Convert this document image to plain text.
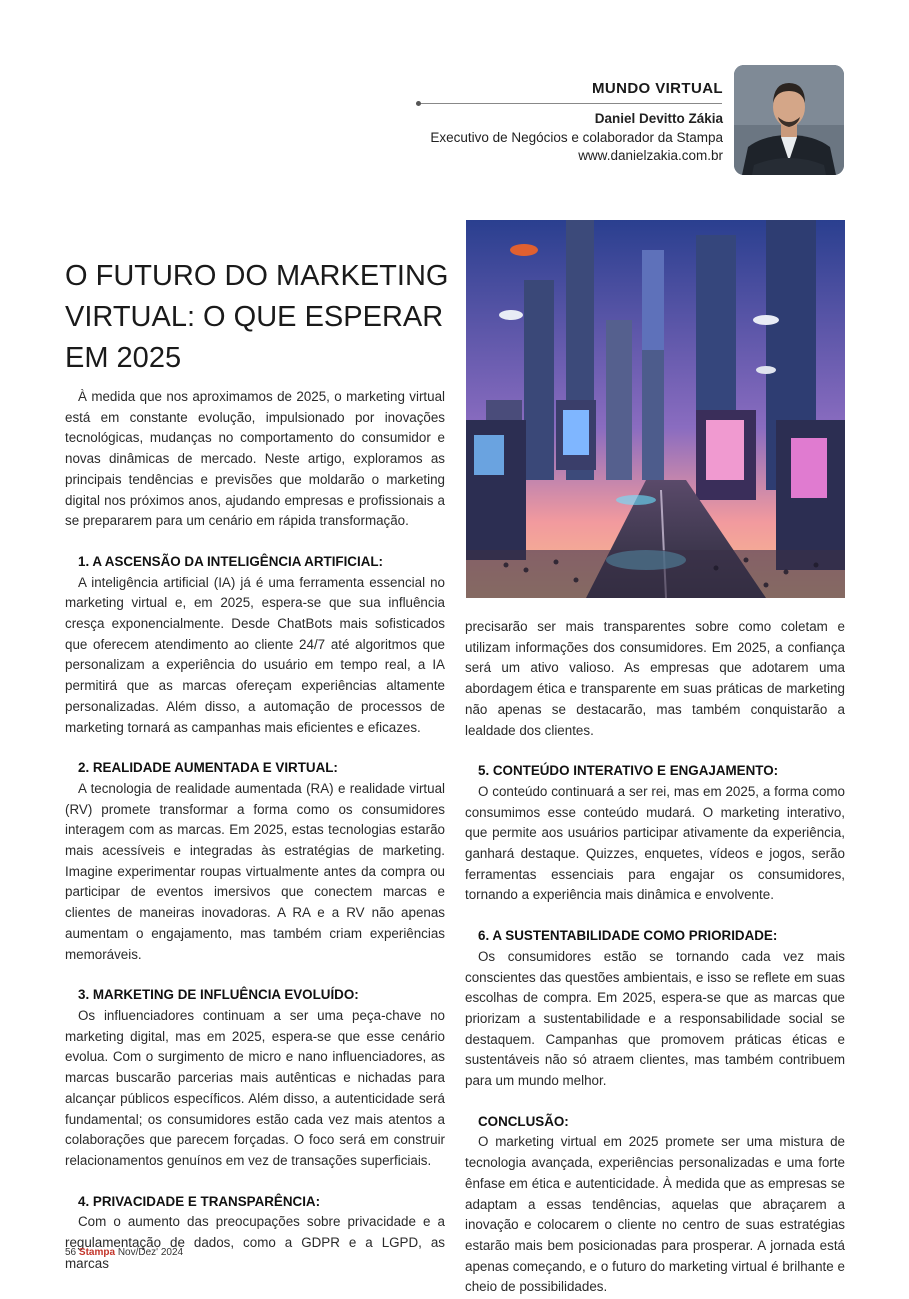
MUNDO VIRTUAL
Daniel Devitto Zákia
Executivo de Negócios e colaborador da Stampa
www.danielzakia.com.br
O FUTURO DO MARKETING VIRTUAL: O QUE ESPERAR EM 2025

À medida que nos aproximamos de 2025, o marketing virtual está em constante evolução, impulsionado por inovações tecnológicas, mudanças no comportamento do consumidor e novas dinâmicas de mercado. Neste artigo, exploramos as principais tendências e previsões que moldarão o marketing digital nos próximos anos, ajudando empresas e profissionais a se prepararem para um cenário em rápida transformação.

1. A ASCENSÃO DA INTELIGÊNCIA ARTIFICIAL:

A inteligência artificial (IA) já é uma ferramenta essencial no marketing virtual e, em 2025, espera-se que sua influência cresça exponencialmente. Desde ChatBots mais sofisticados que oferecem atendimento ao cliente 24/7 até algoritmos que personalizam a experiência do usuário em tempo real, a IA permitirá que as marcas ofereçam experiências altamente personalizadas. Além disso, a automação de processos de marketing tornará as campanhas mais eficientes e eficazes.

2. REALIDADE AUMENTADA E VIRTUAL:

A tecnologia de realidade aumentada (RA) e realidade virtual (RV) promete transformar a forma como os consumidores interagem com as marcas. Em 2025, estas tecnologias estarão mais acessíveis e integradas às estratégias de marketing. Imagine experimentar roupas virtualmente antes da compra ou participar de eventos imersivos que conectem marcas e clientes de maneiras inovadoras. A RA e a RV não apenas aumentam o engajamento, mas também criam experiências memoráveis.

3. MARKETING DE INFLUÊNCIA EVOLUÍDO:

Os influenciadores continuam a ser uma peça-chave no marketing digital, mas em 2025, espera-se que esse cenário evolua. Com o surgimento de micro e nano influenciadores, as marcas buscarão parcerias mais autênticas e nichadas para alcançar públicos específicos. Além disso, a autenticidade será fundamental; os consumidores estão cada vez mais atentos a colaborações que parecem forçadas. O foco será em construir relacionamentos genuínos em vez de transações superficiais.

4. PRIVACIDADE E TRANSPARÊNCIA:

Com o aumento das preocupações sobre privacidade e a regulamentação de dados, como a GDPR e a LGPD, as marcas

precisarão ser mais transparentes sobre como coletam e utilizam informações dos consumidores. Em 2025, a confiança será um ativo valioso. As empresas que adotarem uma abordagem ética e transparente em suas práticas de marketing não apenas se destacarão, mas também conquistarão a lealdade dos clientes.

5. CONTEÚDO INTERATIVO E ENGAJAMENTO:

O conteúdo continuará a ser rei, mas em 2025, a forma como consumimos esse conteúdo mudará. O marketing interativo, que permite aos usuários participar ativamente da experiência, ganhará destaque. Quizzes, enquetes, vídeos e jogos, serão ferramentas essenciais para engajar os consumidores, tornando a experiência mais dinâmica e envolvente.

6. A SUSTENTABILIDADE COMO PRIORIDADE:

Os consumidores estão se tornando cada vez mais conscientes das questões ambientais, e isso se reflete em suas escolhas de compra. Em 2025, espera-se que as marcas que priorizam a sustentabilidade e a responsabilidade social se destaquem. Campanhas que promovem práticas éticas e sustentáveis não só atraem clientes, mas também contribuem para um mundo melhor.

CONCLUSÃO:

O marketing virtual em 2025 promete ser uma mistura de tecnologia avançada, experiências personalizadas e uma forte ênfase em ética e autenticidade. À medida que as empresas se adaptam a essas tendências, aquelas que abraçarem a inovação e colocarem o cliente no centro de suas estratégias estarão mais bem posicionadas para prosperar. A jornada está apenas começando, e o futuro do marketing virtual é brilhante e cheio de possibilidades.

56 Stampa Nov/Dez' 2024
